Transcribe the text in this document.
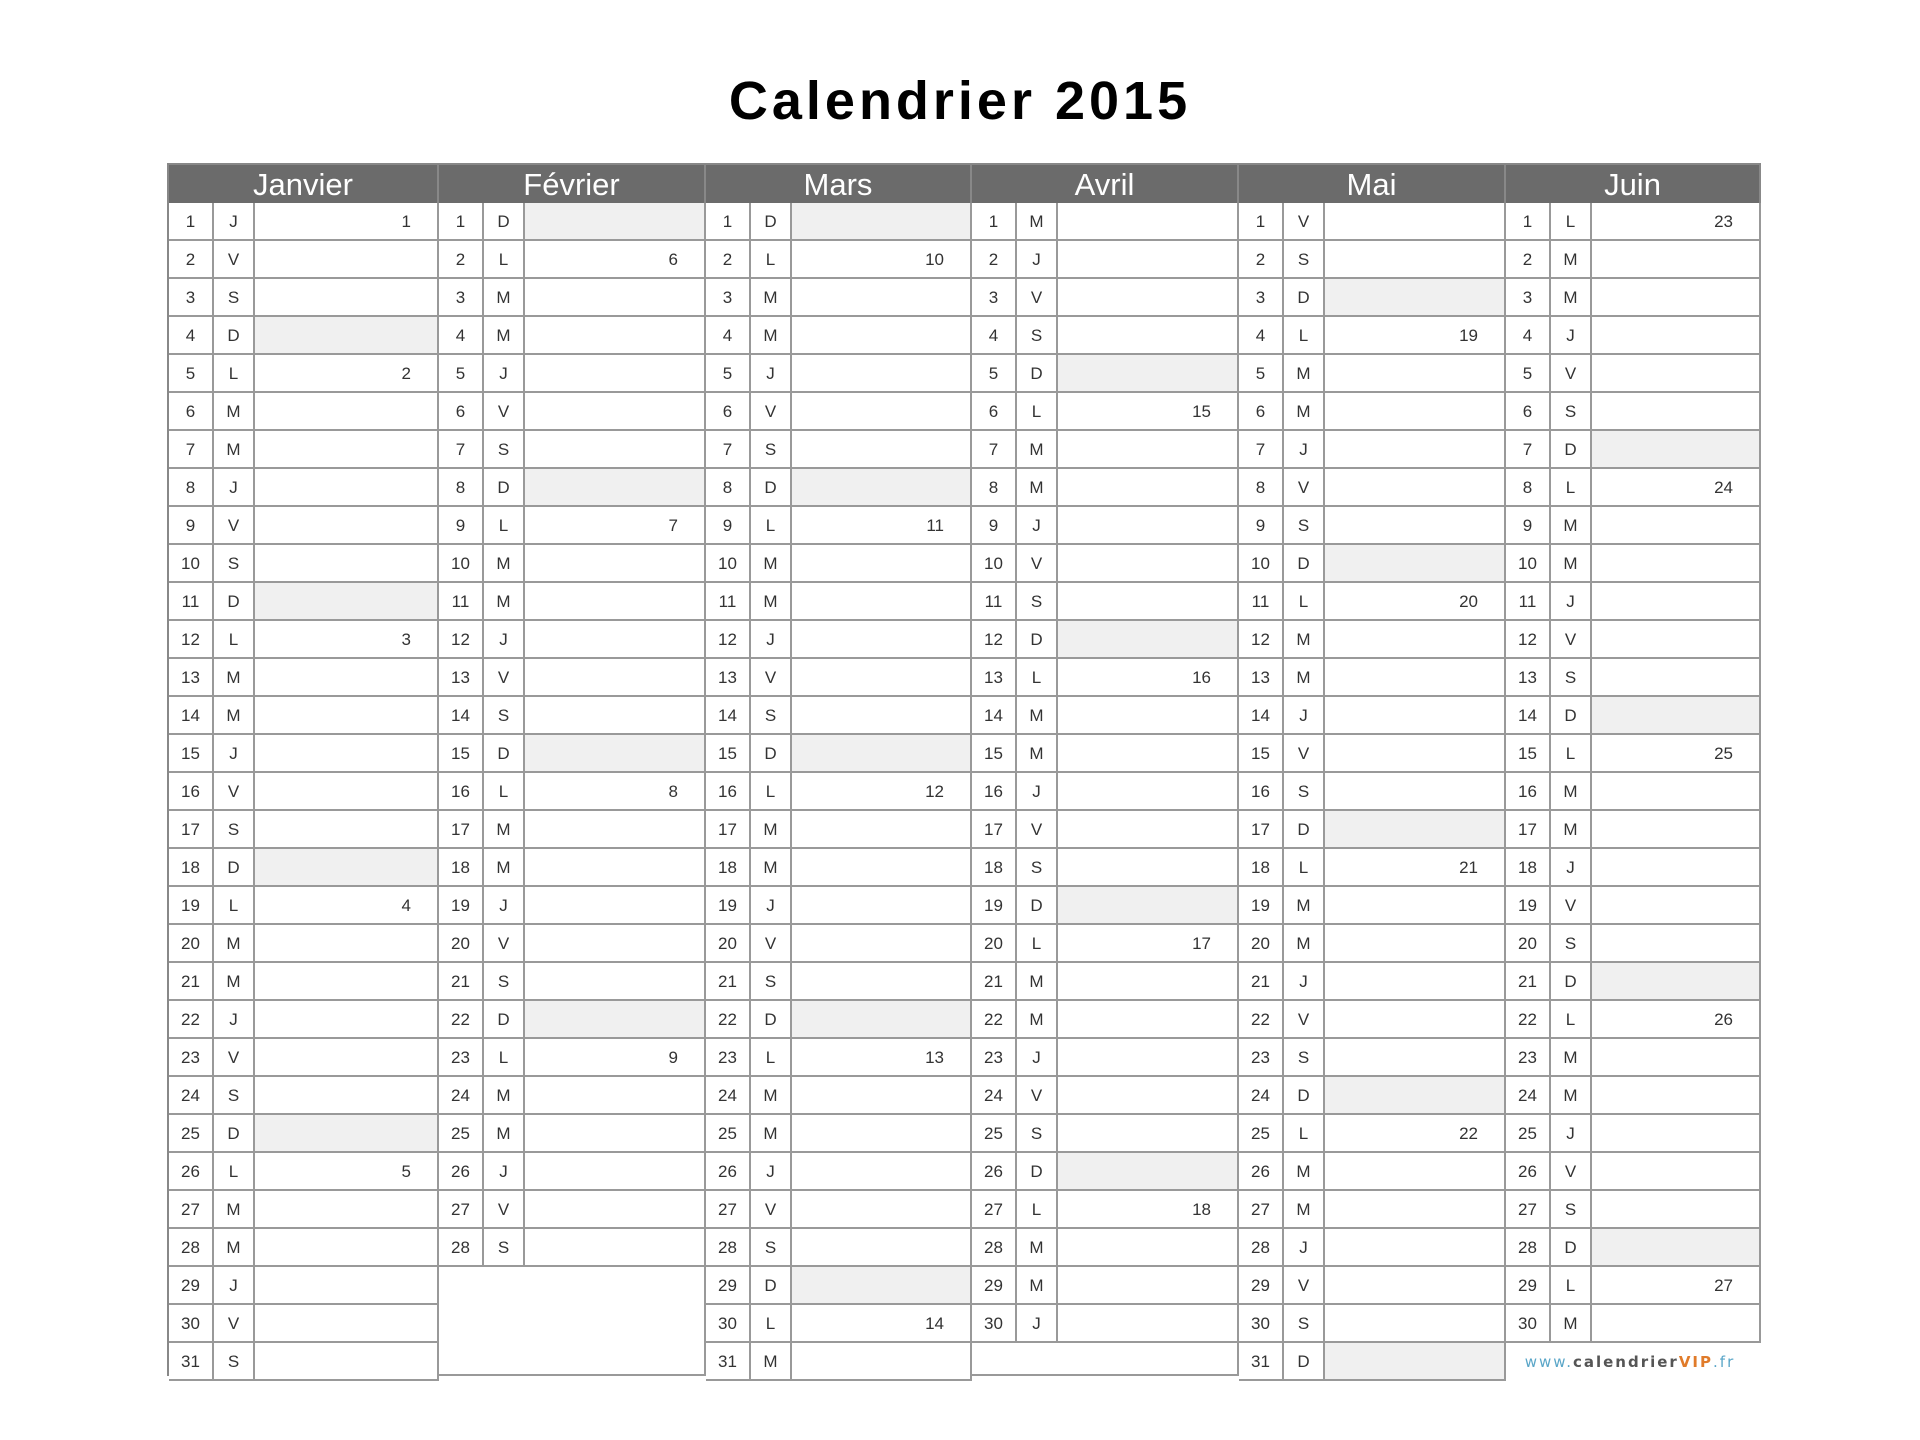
Calendrier 2015
Janvier
1	J	1
2	V
3	S
4	D
5	L	2
6	M
7	M
8	J
9	V
10	S
11	D
12	L	3
13	M
14	M
15	J
16	V
17	S
18	D
19	L	4
20	M
21	M
22	J
23	V
24	S
25	D
26	L	5
27	M
28	M
29	J
30	V
31	S
Février
1	D
2	L	6
3	M
4	M
5	J
6	V
7	S
8	D
9	L	7
10	M
11	M
12	J
13	V
14	S
15	D
16	L	8
17	M
18	M
19	J
20	V
21	S
22	D
23	L	9
24	M
25	M
26	J
27	V
28	S
Mars
1	D
2	L	10
3	M
4	M
5	J
6	V
7	S
8	D
9	L	11
10	M
11	M
12	J
13	V
14	S
15	D
16	L	12
17	M
18	M
19	J
20	V
21	S
22	D
23	L	13
24	M
25	M
26	J
27	V
28	S
29	D
30	L	14
31	M
Avril
1	M
2	J
3	V
4	S
5	D
6	L	15
7	M
8	M
9	J
10	V
11	S
12	D
13	L	16
14	M
15	M
16	J
17	V
18	S
19	D
20	L	17
21	M
22	M
23	J
24	V
25	S
26	D
27	L	18
28	M
29	M
30	J
Mai
1	V
2	S
3	D
4	L	19
5	M
6	M
7	J
8	V
9	S
10	D
11	L	20
12	M
13	M
14	J
15	V
16	S
17	D
18	L	21
19	M
20	M
21	J
22	V
23	S
24	D
25	L	22
26	M
27	M
28	J
29	V
30	S
31	D
Juin
1	L	23
2	M
3	M
4	J
5	V
6	S
7	D
8	L	24
9	M
10	M
11	J
12	V
13	S
14	D
15	L	25
16	M
17	M
18	J
19	V
20	S
21	D
22	L	26
23	M
24	M
25	J
26	V
27	S
28	D
29	L	27
30	M
www.calendrierVIP.fr
